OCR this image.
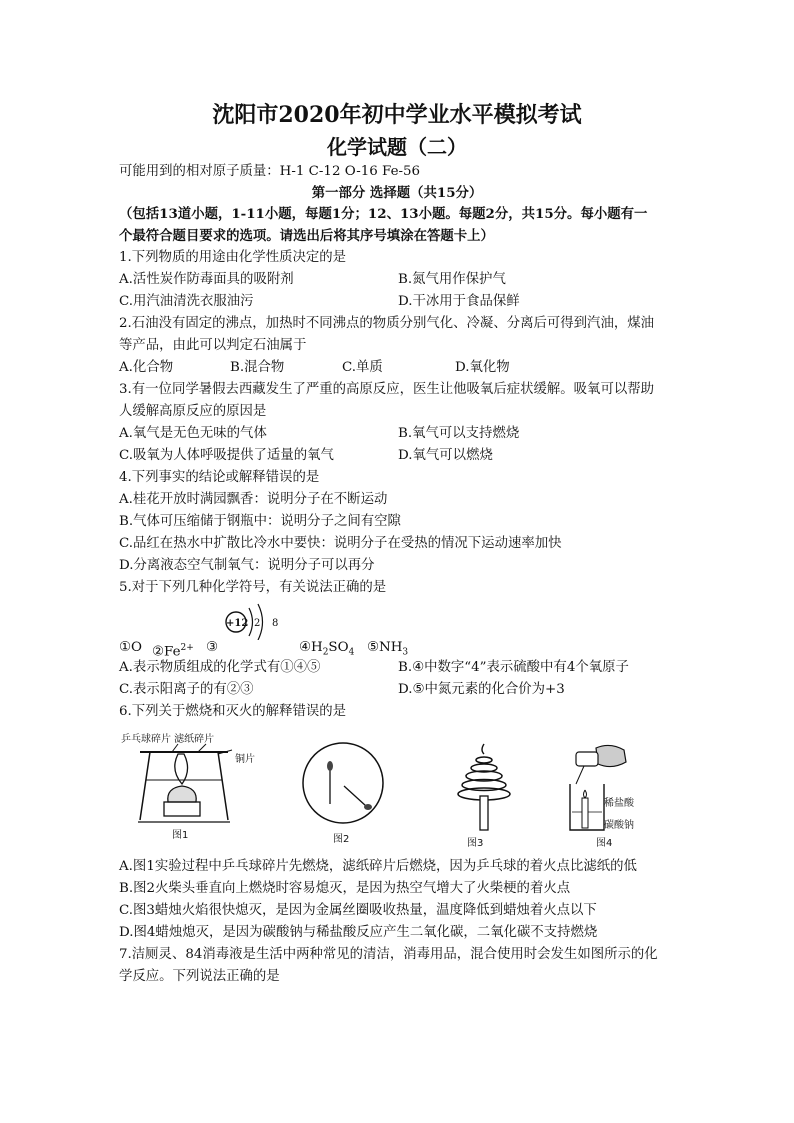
沈阳市2020年初中学业水平模拟考试
化学试题（二）
可能用到的相对原子质量：H-1 C-12 O-16 Fe-56
第一部分 选择题（共15分）
（包括13道小题，1-11小题，每题1分；12、13小题。每题2分，共15分。每小题有一
个最符合题目要求的选项。请选出后将其序号填涂在答题卡上）
1.下列物质的用途由化学性质决定的是
A.活性炭作防毒面具的吸附剂	B.氮气用作保护气
C.用汽油清洗衣服油污	D.干冰用于食品保鲜
2.石油没有固定的沸点，加热时不同沸点的物质分别气化、冷凝、分离后可得到汽油，煤油
等产品，由此可以判定石油属于
A.化合物	B.混合物	C.单质	D.氧化物
3.有一位同学暑假去西藏发生了严重的高原反应，医生让他吸氧后症状缓解。吸氧可以帮助
人缓解高原反应的原因是
A.氧气是无色无味的气体	B.氧气可以支持燃烧
C.吸氧为人体呼吸提供了适量的氧气	D.氧气可以燃烧
4.下列事实的结论或解释错误的是
A.桂花开放时满园飘香：说明分子在不断运动
B.气体可压缩储于钢瓶中：说明分子之间有空隙
C.品红在热水中扩散比冷水中要快：说明分子在受热的情况下运动速率加快
D.分离液态空气制氧气：说明分子可以再分
5.对于下列几种化学符号，有关说法正确的是
+12 2 8
①O $②Fe^{2+}$ ③	$④H_2SO_4$ $⑤NH_3$
A.表示物质组成的化学式有①④⑤	B.④中数字“4”表示硫酸中有4个氧原子
C.表示阳离子的有②③	D.⑤中氮元素的化合价为+3
6.下列关于燃烧和灭火的解释错误的是
乒乓球碎片 滤纸碎片
铜片
图1	图2	图3
稀盐酸
碳酸钠
图4
A.图1实验过程中乒乓球碎片先燃烧，滤纸碎片后燃烧，因为乒乓球的着火点比滤纸的低
B.图2火柴头垂直向上燃烧时容易熄灭，是因为热空气增大了火柴梗的着火点
C.图3蜡烛火焰很快熄灭，是因为金属丝圈吸收热量，温度降低到蜡烛着火点以下
D.图4蜡烛熄灭，是因为碳酸钠与稀盐酸反应产生二氧化碳，二氧化碳不支持燃烧
7.洁厕灵、84消毒液是生活中两种常见的清洁，消毒用品，混合使用时会发生如图所示的化
学反应。下列说法正确的是
